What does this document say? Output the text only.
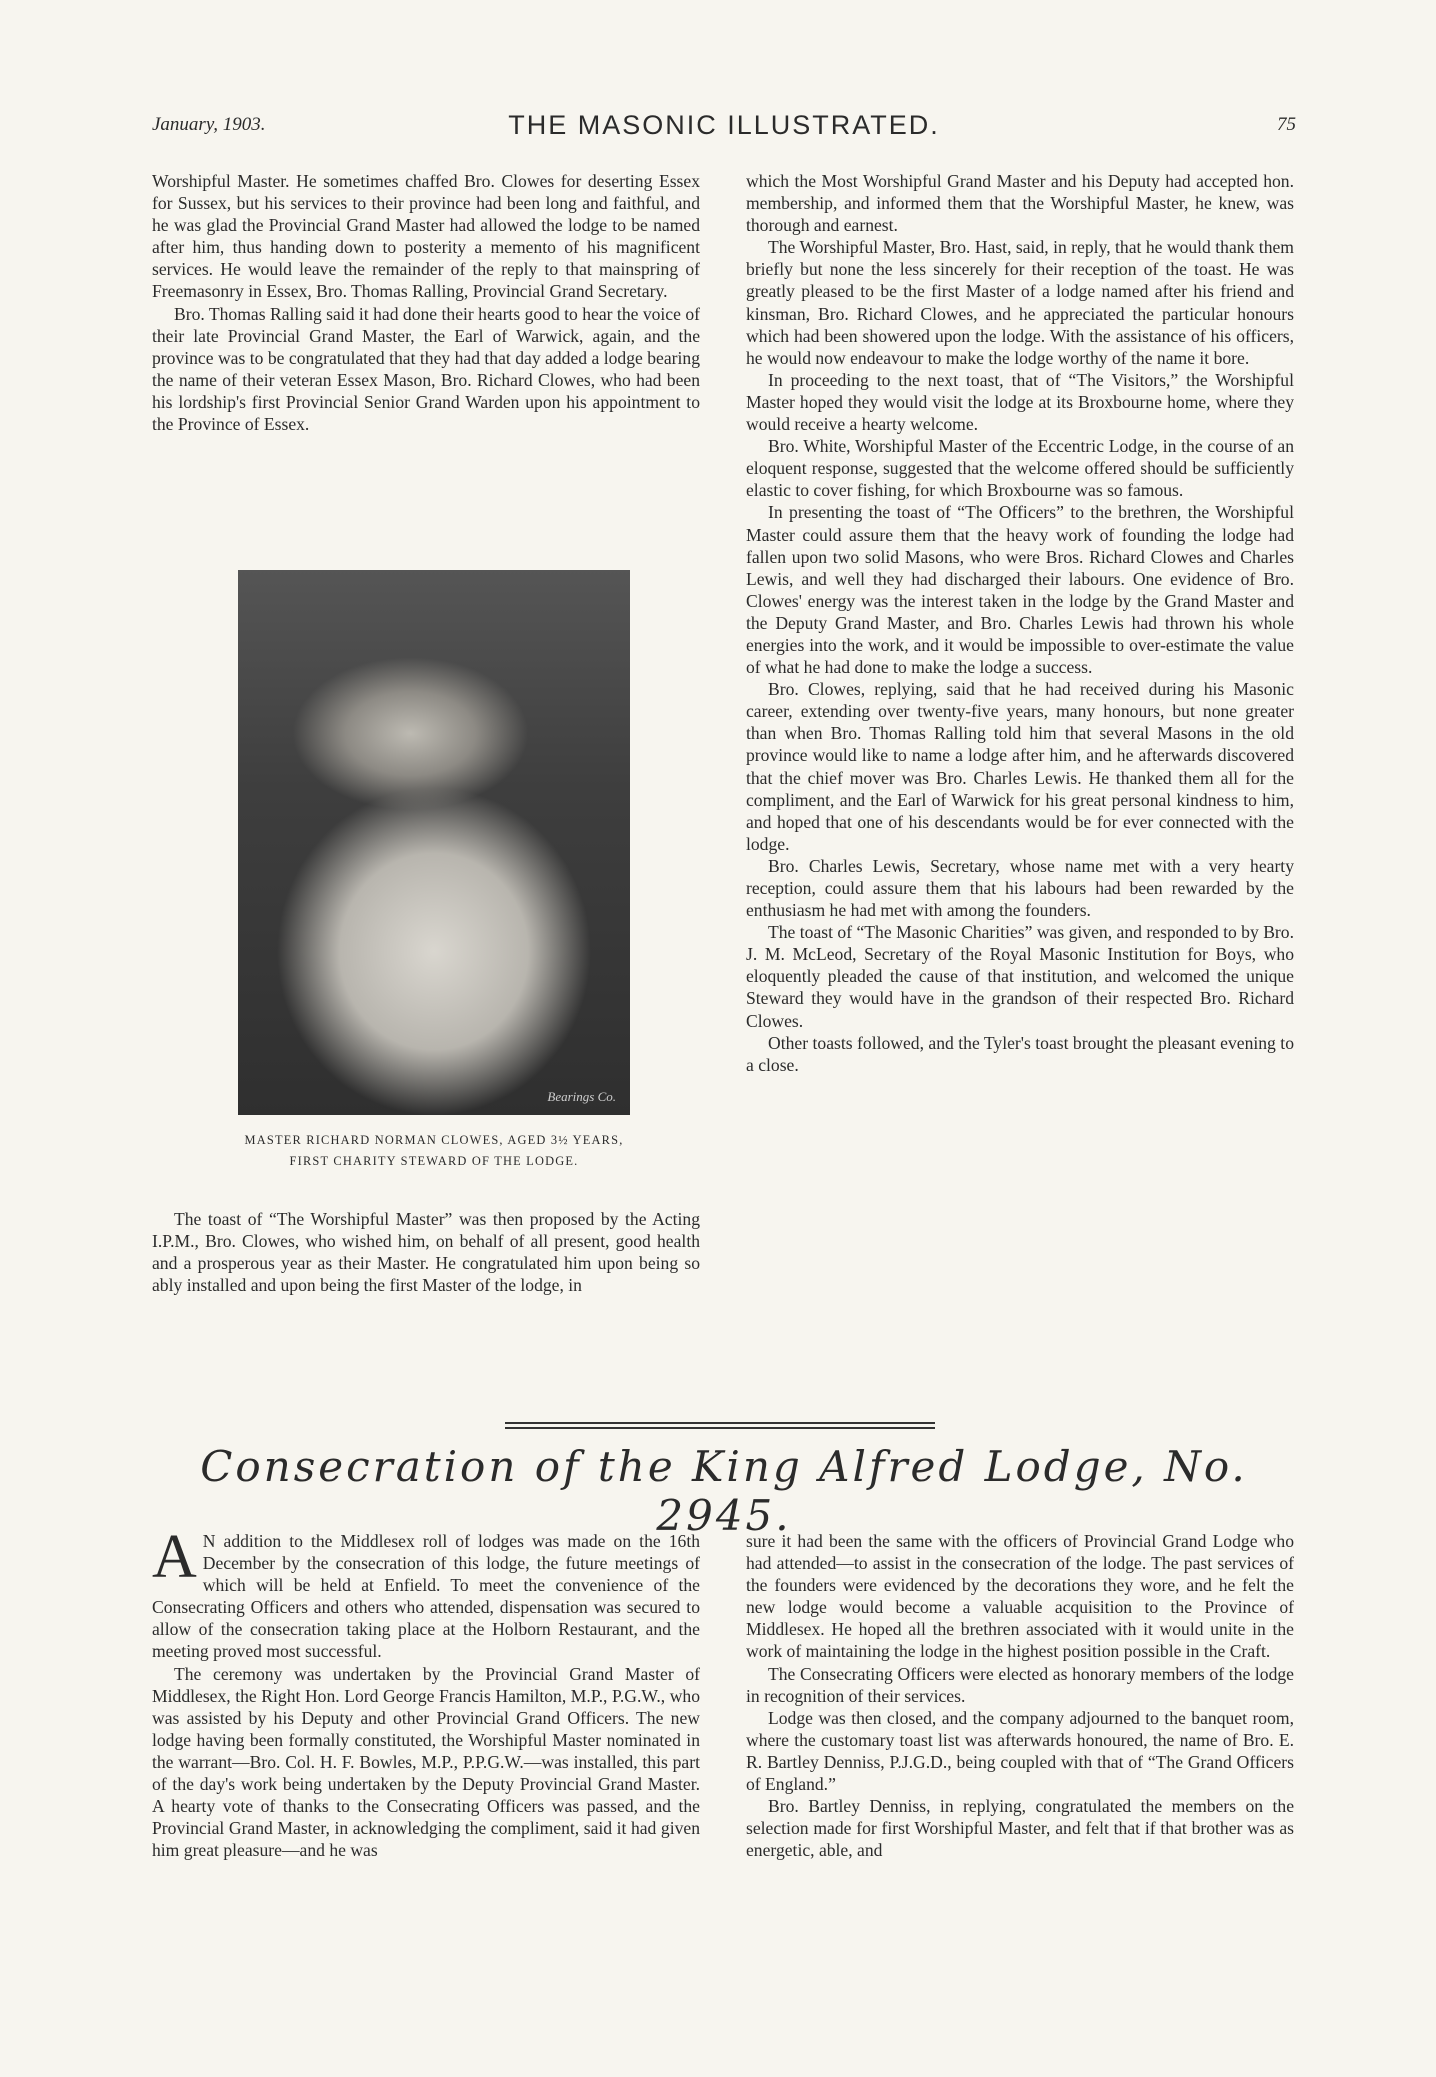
January, 1903.	THE MASONIC ILLUSTRATED.	75

Worshipful Master. He sometimes chaffed Bro. Clowes for deserting Essex for Sussex, but his services to their province had been long and faithful, and he was glad the Provincial Grand Master had allowed the lodge to be named after him, thus handing down to posterity a memento of his magnificent services. He would leave the remainder of the reply to that mainspring of Freemasonry in Essex, Bro. Thomas Ralling, Provincial Grand Secretary.

Bro. Thomas Ralling said it had done their hearts good to hear the voice of their late Provincial Grand Master, the Earl of Warwick, again, and the province was to be congratulated that they had that day added a lodge bearing the name of their veteran Essex Mason, Bro. Richard Clowes, who had been his lordship's first Provincial Senior Grand Warden upon his appointment to the Province of Essex.

Bearings Co.
MASTER RICHARD NORMAN CLOWES, AGED 3½ YEARS,
FIRST CHARITY STEWARD OF THE LODGE.

The toast of “The Worshipful Master” was then proposed by the Acting I.P.M., Bro. Clowes, who wished him, on behalf of all present, good health and a prosperous year as their Master. He congratulated him upon being so ably installed and upon being the first Master of the lodge, in

which the Most Worshipful Grand Master and his Deputy had accepted hon. membership, and informed them that the Worshipful Master, he knew, was thorough and earnest.

The Worshipful Master, Bro. Hast, said, in reply, that he would thank them briefly but none the less sincerely for their reception of the toast. He was greatly pleased to be the first Master of a lodge named after his friend and kinsman, Bro. Richard Clowes, and he appreciated the particular honours which had been showered upon the lodge. With the assistance of his officers, he would now endeavour to make the lodge worthy of the name it bore.

In proceeding to the next toast, that of “The Visitors,” the Worshipful Master hoped they would visit the lodge at its Broxbourne home, where they would receive a hearty welcome.

Bro. White, Worshipful Master of the Eccentric Lodge, in the course of an eloquent response, suggested that the welcome offered should be sufficiently elastic to cover fishing, for which Broxbourne was so famous.

In presenting the toast of “The Officers” to the brethren, the Worshipful Master could assure them that the heavy work of founding the lodge had fallen upon two solid Masons, who were Bros. Richard Clowes and Charles Lewis, and well they had discharged their labours. One evidence of Bro. Clowes' energy was the interest taken in the lodge by the Grand Master and the Deputy Grand Master, and Bro. Charles Lewis had thrown his whole energies into the work, and it would be impossible to over-estimate the value of what he had done to make the lodge a success.

Bro. Clowes, replying, said that he had received during his Masonic career, extending over twenty-five years, many honours, but none greater than when Bro. Thomas Ralling told him that several Masons in the old province would like to name a lodge after him, and he afterwards discovered that the chief mover was Bro. Charles Lewis. He thanked them all for the compliment, and the Earl of Warwick for his great personal kindness to him, and hoped that one of his descendants would be for ever connected with the lodge.

Bro. Charles Lewis, Secretary, whose name met with a very hearty reception, could assure them that his labours had been rewarded by the enthusiasm he had met with among the founders.

The toast of “The Masonic Charities” was given, and responded to by Bro. J. M. McLeod, Secretary of the Royal Masonic Institution for Boys, who eloquently pleaded the cause of that institution, and welcomed the unique Steward they would have in the grandson of their respected Bro. Richard Clowes.

Other toasts followed, and the Tyler's toast brought the pleasant evening to a close.

Consecration of the King Alfred Lodge, No. 2945.

A N addition to the Middlesex roll of lodges was made on the 16th December by the consecration of this lodge, the future meetings of which will be held at Enfield. To meet the convenience of the Consecrating Officers and others who attended, dispensation was secured to allow of the consecration taking place at the Holborn Restaurant, and the meeting proved most successful.

The ceremony was undertaken by the Provincial Grand Master of Middlesex, the Right Hon. Lord George Francis Hamilton, M.P., P.G.W., who was assisted by his Deputy and other Provincial Grand Officers. The new lodge having been formally constituted, the Worshipful Master nominated in the warrant—Bro. Col. H. F. Bowles, M.P., P.P.G.W.—was installed, this part of the day's work being undertaken by the Deputy Provincial Grand Master. A hearty vote of thanks to the Consecrating Officers was passed, and the Provincial Grand Master, in acknowledging the compliment, said it had given him great pleasure—and he was

sure it had been the same with the officers of Provincial Grand Lodge who had attended—to assist in the consecration of the lodge. The past services of the founders were evidenced by the decorations they wore, and he felt the new lodge would become a valuable acquisition to the Province of Middlesex. He hoped all the brethren associated with it would unite in the work of maintaining the lodge in the highest position possible in the Craft.

The Consecrating Officers were elected as honorary members of the lodge in recognition of their services.

Lodge was then closed, and the company adjourned to the banquet room, where the customary toast list was afterwards honoured, the name of Bro. E. R. Bartley Denniss, P.J.G.D., being coupled with that of “The Grand Officers of England.”

Bro. Bartley Denniss, in replying, congratulated the members on the selection made for first Worshipful Master, and felt that if that brother was as energetic, able, and
